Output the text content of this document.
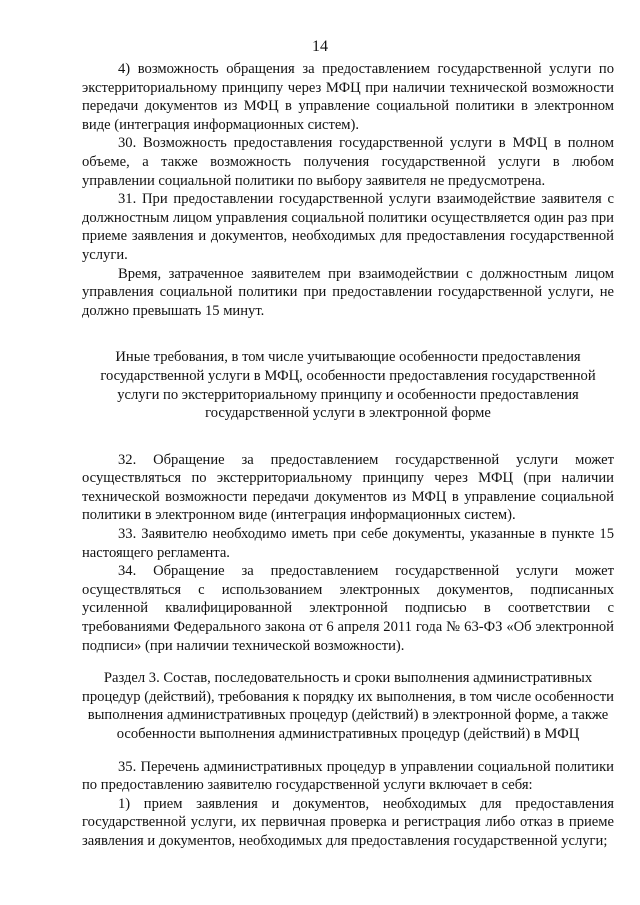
14

4) возможность обращения за предоставлением государственной услуги по экстерриториальному принципу через МФЦ при наличии технической возможности передачи документов из МФЦ в управление социальной политики в электронном виде (интеграция информационных систем).

30. Возможность предоставления государственной услуги в МФЦ в полном объеме, а также возможность получения государственной услуги в любом управлении социальной политики по выбору заявителя не предусмотрена.

31. При предоставлении государственной услуги взаимодействие заявителя с должностным лицом управления социальной политики осуществляется один раз при приеме заявления и документов, необходимых для предоставления государственной услуги.

Время, затраченное заявителем при взаимодействии с должностным лицом управления социальной политики при предоставлении государственной услуги, не должно превышать 15 минут.

Иные требования, в том числе учитывающие особенности предоставления государственной услуги в МФЦ, особенности предоставления государственной услуги по экстерриториальному принципу и особенности предоставления государственной услуги в электронной форме

32. Обращение за предоставлением государственной услуги может осуществляться по экстерриториальному принципу через МФЦ (при наличии технической возможности передачи документов из МФЦ в управление социальной политики в электронном виде (интеграция информационных систем).

33. Заявителю необходимо иметь при себе документы, указанные в пункте 15 настоящего регламента.

34. Обращение за предоставлением государственной услуги может осуществляться с использованием электронных документов, подписанных усиленной квалифицированной электронной подписью в соответствии с требованиями Федерального закона от 6 апреля 2011 года № 63-ФЗ «Об электронной подписи» (при наличии технической возможности).

Раздел 3. Состав, последовательность и сроки выполнения административных процедур (действий), требования к порядку их выполнения, в том числе особенности выполнения административных процедур (действий) в электронной форме, а также особенности выполнения административных процедур (действий) в МФЦ

35. Перечень административных процедур в управлении социальной политики по предоставлению заявителю государственной услуги включает в себя:

1) прием заявления и документов, необходимых для предоставления государственной услуги, их первичная проверка и регистрация либо отказ в приеме заявления и документов, необходимых для предоставления государственной услуги;
